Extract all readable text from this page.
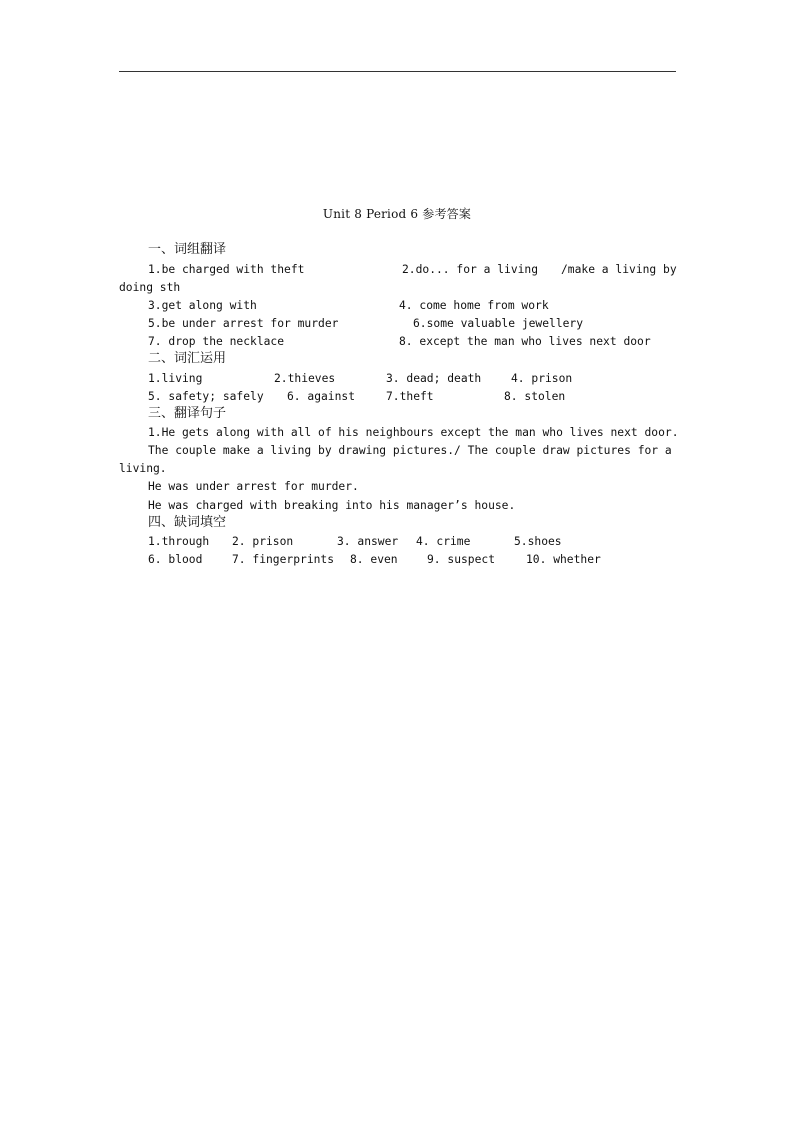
Unit 8 Period 6 参考答案
一、词组翻译
1.be charged with theft	2.do... for a living /make a living by
doing sth
3.get along with	4. come home from work
5.be under arrest for murder	6.some valuable jewellery
7. drop the necklace	8. except the man who lives next door
二、词汇运用
1.living	2.thieves	3. dead; death	4. prison
5. safety; safely 6. against	7.theft	8. stolen
三、翻译句子
1.He gets along with all of his neighbours except the man who lives next door.
The couple make a living by drawing pictures./ The couple draw pictures for a
living.
He was under arrest for murder.
He was charged with breaking into his manager’s house.
四、缺词填空
1.through 2. prison	3. answer 4. crime	5.shoes
6. blood	7. fingerprints 8. even	9. suspect	10. whether
